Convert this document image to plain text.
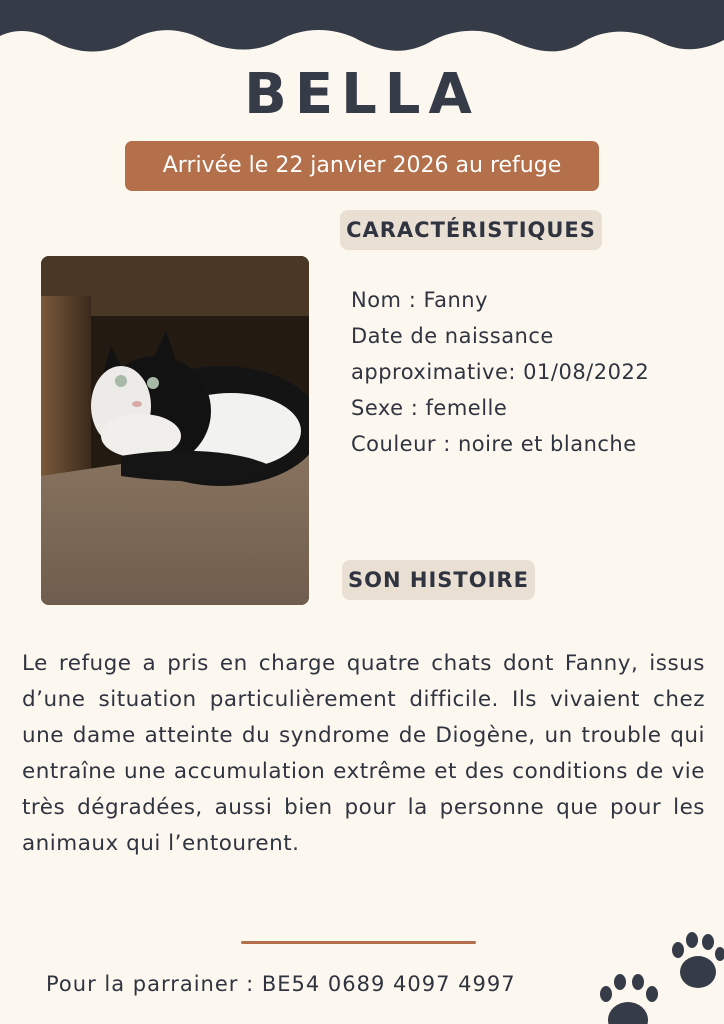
BELLA
Arrivée le 22 janvier 2026 au refuge
CARACTÉRISTIQUES
Nom : Fanny
Date de naissance
approximative: 01/08/2022
Sexe : femelle
Couleur : noire et blanche
SON HISTOIRE
Le refuge a pris en charge quatre chats dont Fanny, issus d’une situation particulièrement difficile. Ils vivaient chez une dame atteinte du syndrome de Diogène, un trouble qui entraîne une accumulation extrême et des conditions de vie très dégradées, aussi bien pour la personne que pour les animaux qui l’entourent.
Pour la parrainer : BE54 0689 4097 4997
